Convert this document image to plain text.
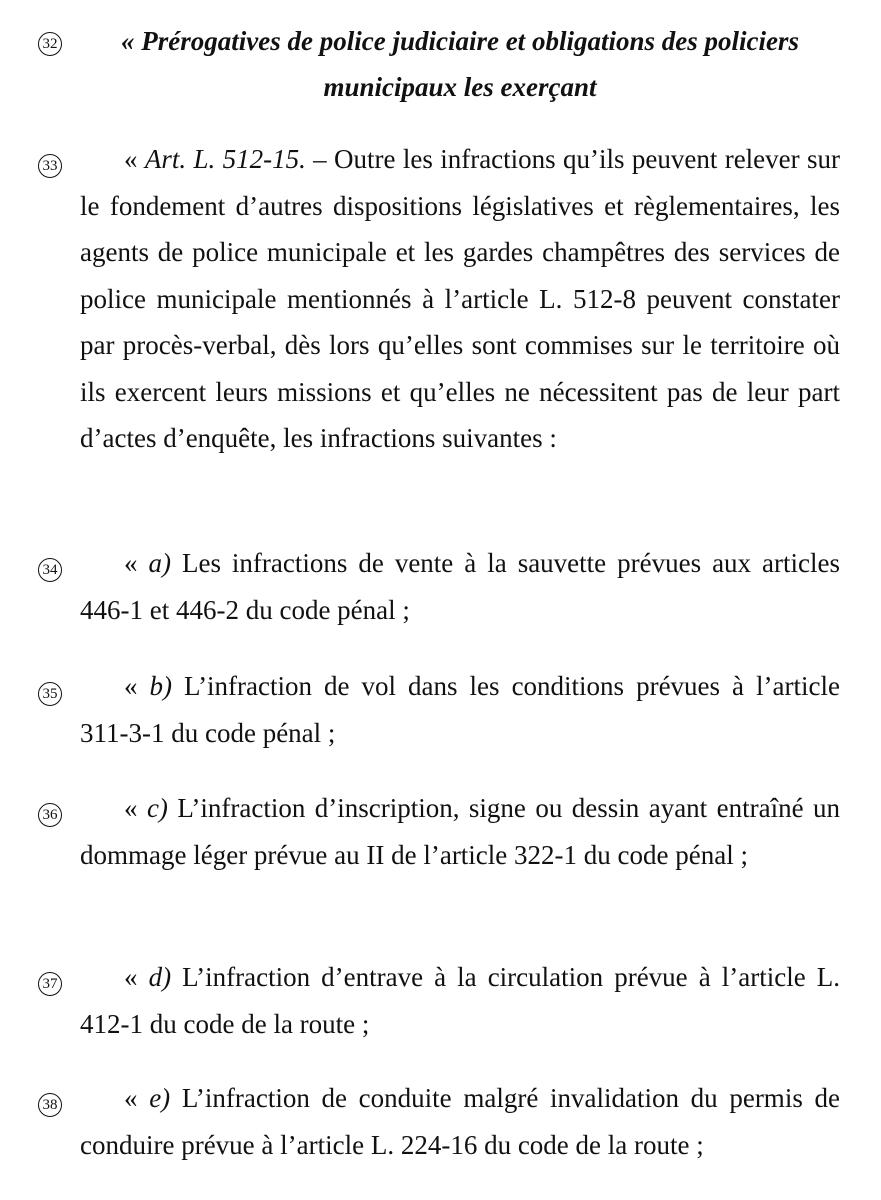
32
33
34
35
36
37
38
« Prérogatives de police judiciaire et obligations des policiers municipaux les exerçant

« Art. L. 512-15. – Outre les infractions qu’ils peuvent relever sur le fondement d’autres dispositions législatives et règlementaires, les agents de police municipale et les gardes champêtres des services de police municipale mentionnés à l’article L. 512-8 peuvent constater par procès-verbal, dès lors qu’elles sont commises sur le territoire où ils exercent leurs missions et qu’elles ne nécessitent pas de leur part d’actes d’enquête, les infractions suivantes :

« a) Les infractions de vente à la sauvette prévues aux articles 446-1 et 446-2 du code pénal ;

« b) L’infraction de vol dans les conditions prévues à l’article 311-3-1 du code pénal ;

« c) L’infraction d’inscription, signe ou dessin ayant entraîné un dommage léger prévue au II de l’article 322-1 du code pénal ;

« d) L’infraction d’entrave à la circulation prévue à l’article L. 412-1 du code de la route ;

« e) L’infraction de conduite malgré invalidation du permis de conduire prévue à l’article L. 224-16 du code de la route ;
